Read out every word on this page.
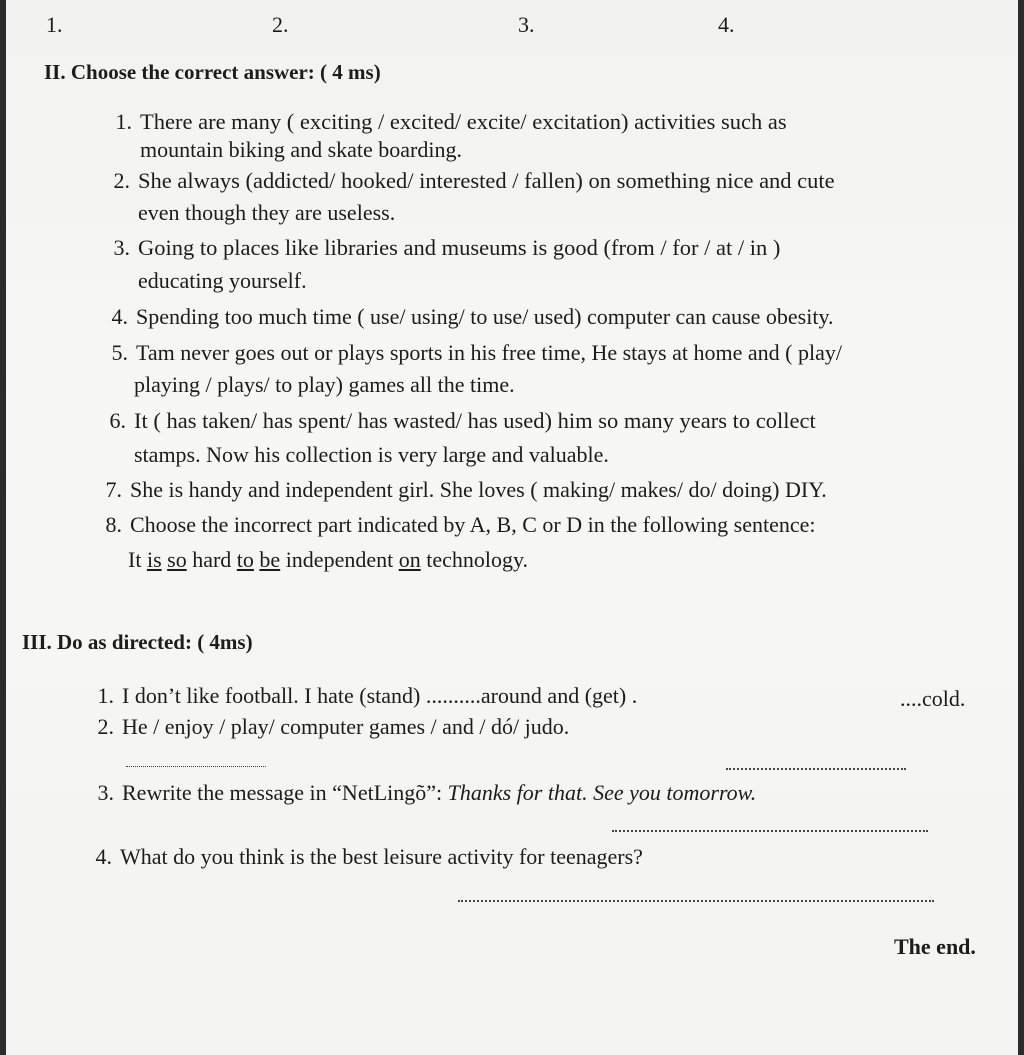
1.	2.	3.	4.
II. Choose the correct answer: ( 4 ms)
1. There are many ( exciting / excited/ excite/ excitation) activities such as
mountain biking and skate boarding.
2. She always (addicted/ hooked/ interested / fallen) on something nice and cute
even though they are useless.
3. Going to places like libraries and museums is good (from / for / at / in )
educating yourself.
4. Spending too much time ( use/ using/ to use/ used) computer can cause obesity.
5. Tam never goes out or plays sports in his free time, He stays at home and ( play/
playing / plays/ to play) games all the time.
6. It ( has taken/ has spent/ has wasted/ has used) him so many years to collect
stamps. Now his collection is very large and valuable.
7. She is handy and independent girl. She loves ( making/ makes/ do/ doing) DIY.
8. Choose the incorrect part indicated by A, B, C or D in the following sentence:
It is so hard to be independent on technology.
III. Do as directed: ( 4ms)
1. I don’t like football. I hate (stand) ..........around and (get) .	....cold.
2. He / enjoy / play/ computer games / and / dó/ judo.
3. Rewrite the message in “NetLingõ”: Thanks for that. See you tomorrow.
4. What do you think is the best leisure activity for teenagers?
The end.
